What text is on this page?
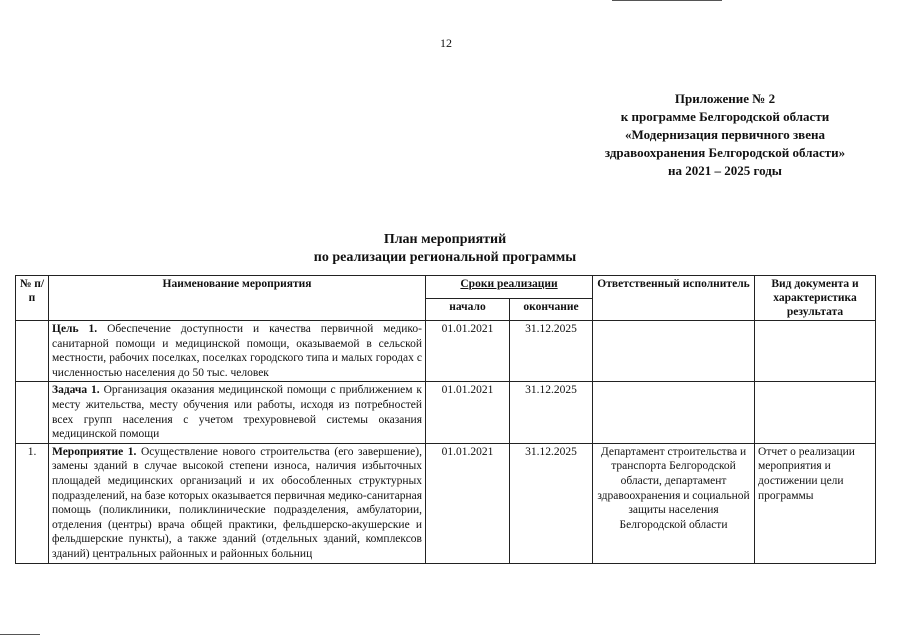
12
Приложение № 2
к программе Белгородской области
«Модернизация первичного звена
здравоохранения Белгородской области»
на 2021 – 2025 годы
План мероприятий
по реализации региональной программы
№ п/п	Наименование мероприятия	Сроки реализации		Ответственный исполнитель	Вид документа и характеристика результата
		начало	окончание		
	Цель 1. Обеспечение доступности и качества первичной медико-санитарной помощи и медицинской помощи, оказываемой в сельской местности, рабочих поселках, поселках городского типа и малых городах с численностью населения до 50 тыс. человек	01.01.2021	31.12.2025		
	Задача 1. Организация оказания медицинской помощи с приближением к месту жительства, месту обучения или работы, исходя из потребностей всех групп населения с учетом трехуровневой системы оказания медицинской помощи	01.01.2021	31.12.2025		
1.	Мероприятие 1. Осуществление нового строительства (его завершение), замены зданий в случае высокой степени износа, наличия избыточных площадей медицинских организаций и их обособленных структурных подразделений, на базе которых оказывается первичная медико-санитарная помощь (поликлиники, поликлинические подразделения, амбулатории, отделения (центры) врача общей практики, фельдшерско-акушерские и фельдшерские пункты), а также зданий (отдельных зданий, комплексов зданий) центральных районных и районных больниц	01.01.2021	31.12.2025	Департамент строительства и транспорта Белгородской области, департамент здравоохранения и социальной защиты населения Белгородской области	Отчет о реализации мероприятия и достижении цели программы
